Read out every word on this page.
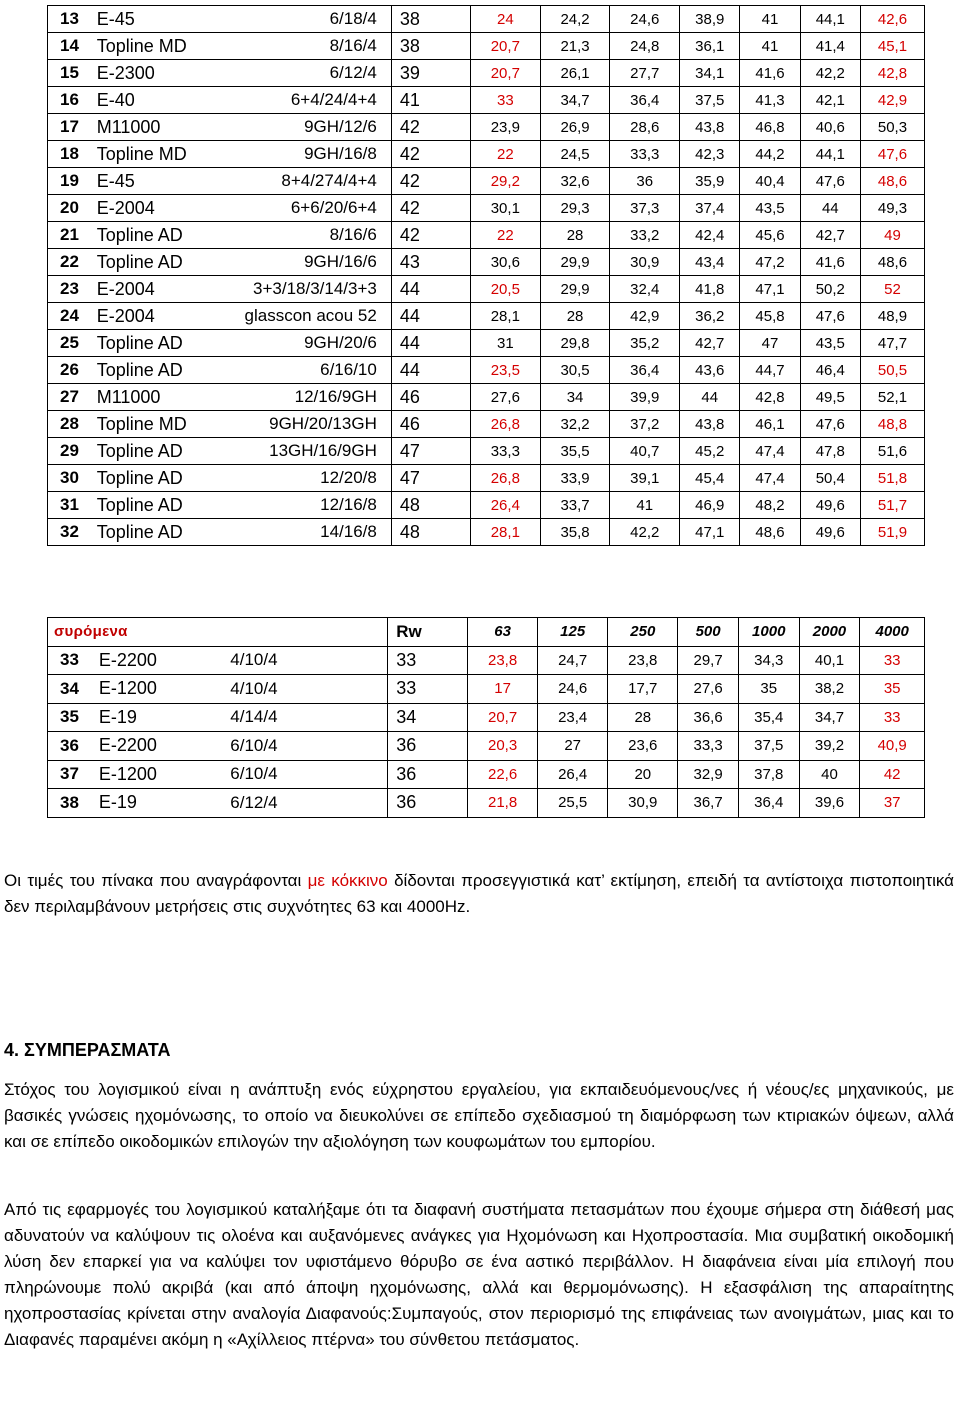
13	E-45	6/18/4	38	24	24,2	24,6	38,9	41	44,1	42,6
14	Topline MD	8/16/4	38	20,7	21,3	24,8	36,1	41	41,4	45,1
15	E-2300	6/12/4	39	20,7	26,1	27,7	34,1	41,6	42,2	42,8
16	E-40	6+4/24/4+4	41	33	34,7	36,4	37,5	41,3	42,1	42,9
17	M11000	9GH/12/6	42	23,9	26,9	28,6	43,8	46,8	40,6	50,3
18	Topline MD	9GH/16/8	42	22	24,5	33,3	42,3	44,2	44,1	47,6
19	E-45	8+4/274/4+4	42	29,2	32,6	36	35,9	40,4	47,6	48,6
20	E-2004	6+6/20/6+4	42	30,1	29,3	37,3	37,4	43,5	44	49,3
21	Topline AD	8/16/6	42	22	28	33,2	42,4	45,6	42,7	49
22	Topline AD	9GH/16/6	43	30,6	29,9	30,9	43,4	47,2	41,6	48,6
23	E-2004	3+3/18/3/14/3+3	44	20,5	29,9	32,4	41,8	47,1	50,2	52
24	E-2004	glasscon acou 52	44	28,1	28	42,9	36,2	45,8	47,6	48,9
25	Topline AD	9GH/20/6	44	31	29,8	35,2	42,7	47	43,5	47,7
26	Topline AD	6/16/10	44	23,5	30,5	36,4	43,6	44,7	46,4	50,5
27	M11000	12/16/9GH	46	27,6	34	39,9	44	42,8	49,5	52,1
28	Topline MD	9GH/20/13GH	46	26,8	32,2	37,2	43,8	46,1	47,6	48,8
29	Topline AD	13GH/16/9GH	47	33,3	35,5	40,7	45,2	47,4	47,8	51,6
30	Topline AD	12/20/8	47	26,8	33,9	39,1	45,4	47,4	50,4	51,8
31	Topline AD	12/16/8	48	26,4	33,7	41	46,9	48,2	49,6	51,7
32	Topline AD	14/16/8	48	28,1	35,8	42,2	47,1	48,6	49,6	51,9
συρόμενα			Rw	63	125	250	500	1000	2000	4000
33	E-2200	4/10/4	33	23,8	24,7	23,8	29,7	34,3	40,1	33
34	E-1200	4/10/4	33	17	24,6	17,7	27,6	35	38,2	35
35	E-19	4/14/4	34	20,7	23,4	28	36,6	35,4	34,7	33
36	E-2200	6/10/4	36	20,3	27	23,6	33,3	37,5	39,2	40,9
37	E-1200	6/10/4	36	22,6	26,4	20	32,9	37,8	40	42
38	E-19	6/12/4	36	21,8	25,5	30,9	36,7	36,4	39,6	37

Οι τιμές του πίνακα που αναγράφονται με κόκκινο δίδονται προσεγγιστικά κατ’ εκτίμηση, επειδή τα αντίστοιχα πιστοποιητικά δεν περιλαμβάνουν μετρήσεις στις συχνότητες 63 και 4000Hz.

4. ΣΥΜΠΕΡΑΣΜΑΤΑ

Στόχος του λογισμικού είναι η ανάπτυξη ενός εύχρηστου εργαλείου, για εκπαιδευόμενους/νες ή νέους/ες μηχανικούς, με βασικές γνώσεις ηχομόνωσης, το οποίο να διευκολύνει σε επίπεδο σχεδιασμού τη διαμόρφωση των κτιριακών όψεων, αλλά και σε επίπεδο οικοδομικών επιλογών την αξιολόγηση των κουφωμάτων του εμπορίου.

Από τις εφαρμογές του λογισμικού καταλήξαμε ότι τα διαφανή συστήματα πετασμάτων που έχουμε σήμερα στη διάθεσή μας αδυνατούν να καλύψουν τις ολοένα και αυξανόμενες ανάγκες για Ηχομόνωση και Ηχοπροστασία. Μια συμβατική οικοδομική λύση δεν επαρκεί για να καλύψει τον υφιστάμενο θόρυβο σε ένα αστικό περιβάλλον. Η διαφάνεια είναι μία επιλογή που πληρώνουμε πολύ ακριβά (και από άποψη ηχομόνωσης, αλλά και θερμομόνωσης). Η εξασφάλιση της απαραίτητης ηχοπροστασίας κρίνεται στην αναλογία Διαφανούς:Συμπαγούς, στον περιορισμό της επιφάνειας των ανοιγμάτων, μιας και το Διαφανές παραμένει ακόμη η «Αχίλλειος πτέρνα» του σύνθετου πετάσματος.
